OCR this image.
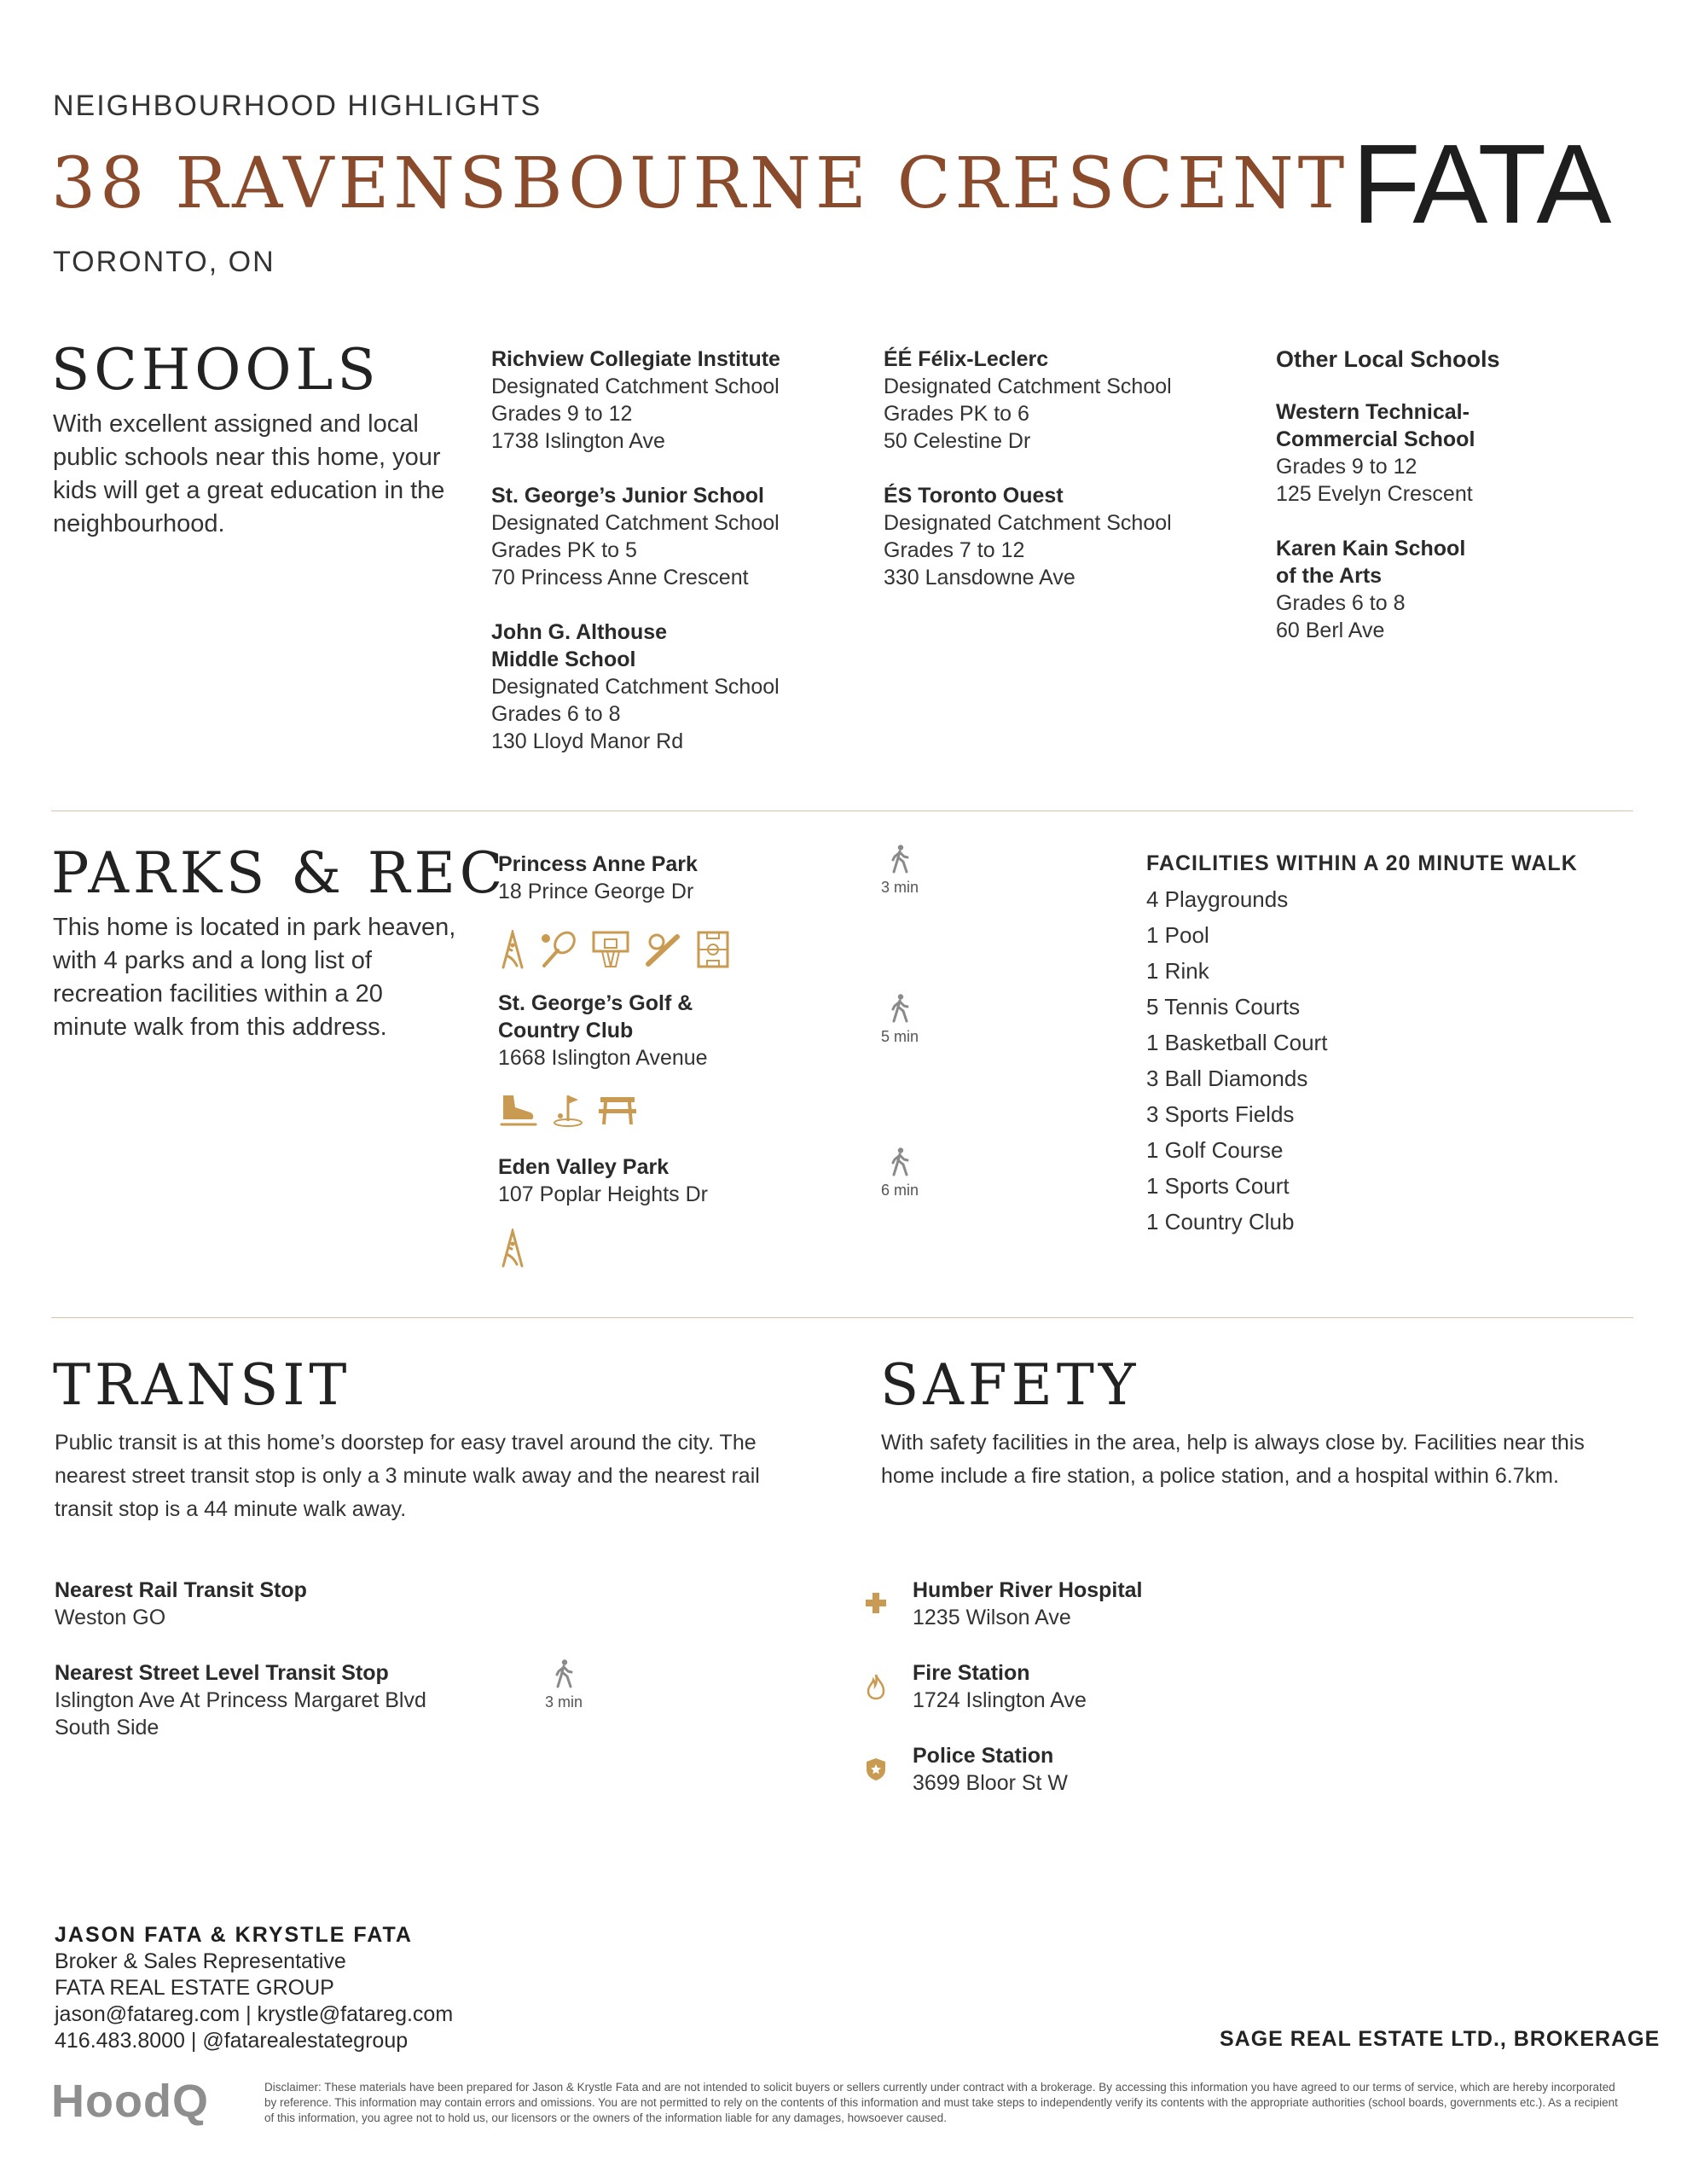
NEIGHBOURHOOD HIGHLIGHTS
38 RAVENSBOURNE CRESCENT
TORONTO, ON
FATA
SCHOOLS
With excellent assigned and local public schools near this home, your kids will get a great education in the neighbourhood.
Richview Collegiate Institute
Designated Catchment School
Grades 9 to 12
1738 Islington Ave
St. George’s Junior School
Designated Catchment School
Grades PK to 5
70 Princess Anne Crescent
John G. Althouse
Middle School
Designated Catchment School
Grades 6 to 8
130 Lloyd Manor Rd
ÉÉ Félix-Leclerc
Designated Catchment School
Grades PK to 6
50 Celestine Dr
ÉS Toronto Ouest
Designated Catchment School
Grades 7 to 12
330 Lansdowne Ave
Other Local Schools
Western Technical-
Commercial School
Grades 9 to 12
125 Evelyn Crescent
Karen Kain School
of the Arts
Grades 6 to 8
60 Berl Ave
PARKS & REC
This home is located in park heaven, with 4 parks and a long list of recreation facilities within a 20 minute walk from this address.
Princess Anne Park
18 Prince George Dr	3 min
St. George’s Golf &
Country Club
1668 Islington Avenue
5 min
Eden Valley Park
107 Poplar Heights Dr	6 min
FACILITIES WITHIN A 20 MINUTE WALK
4 Playgrounds
1 Pool
1 Rink
5 Tennis Courts
1 Basketball Court
3 Ball Diamonds
3 Sports Fields
1 Golf Course
1 Sports Court
1 Country Club
TRANSIT
Public transit is at this home’s doorstep for easy travel around the city. The nearest street transit stop is only a 3 minute walk away and the nearest rail transit stop is a 44 minute walk away.
Nearest Rail Transit Stop
Weston GO
Nearest Street Level Transit Stop
Islington Ave At Princess Margaret Blvd
South Side
3 min
SAFETY
With safety facilities in the area, help is always close by. Facilities near this home include a fire station, a police station, and a hospital within 6.7km.
Humber River Hospital
1235 Wilson Ave
Fire Station
1724 Islington Ave
Police Station
3699 Bloor St W
JASON FATA & KRYSTLE FATA
Broker & Sales Representative
FATA REAL ESTATE GROUP
jason@fatareg.com | krystle@fatareg.com
416.483.8000 | @fatarealestategroup	SAGE REAL ESTATE LTD., BROKERAGE
HoodQ	Disclaimer: These materials have been prepared for Jason & Krystle Fata and are not intended to solicit buyers or sellers currently under contract with a brokerage. By accessing this information you have agreed to our terms of service, which are hereby incorporated by reference. This information may contain errors and omissions. You are not permitted to rely on the contents of this information and must take steps to independently verify its contents with the appropriate authorities (school boards, governments etc.). As a recipient of this information, you agree not to hold us, our licensors or the owners of the information liable for any damages, howsoever caused.
